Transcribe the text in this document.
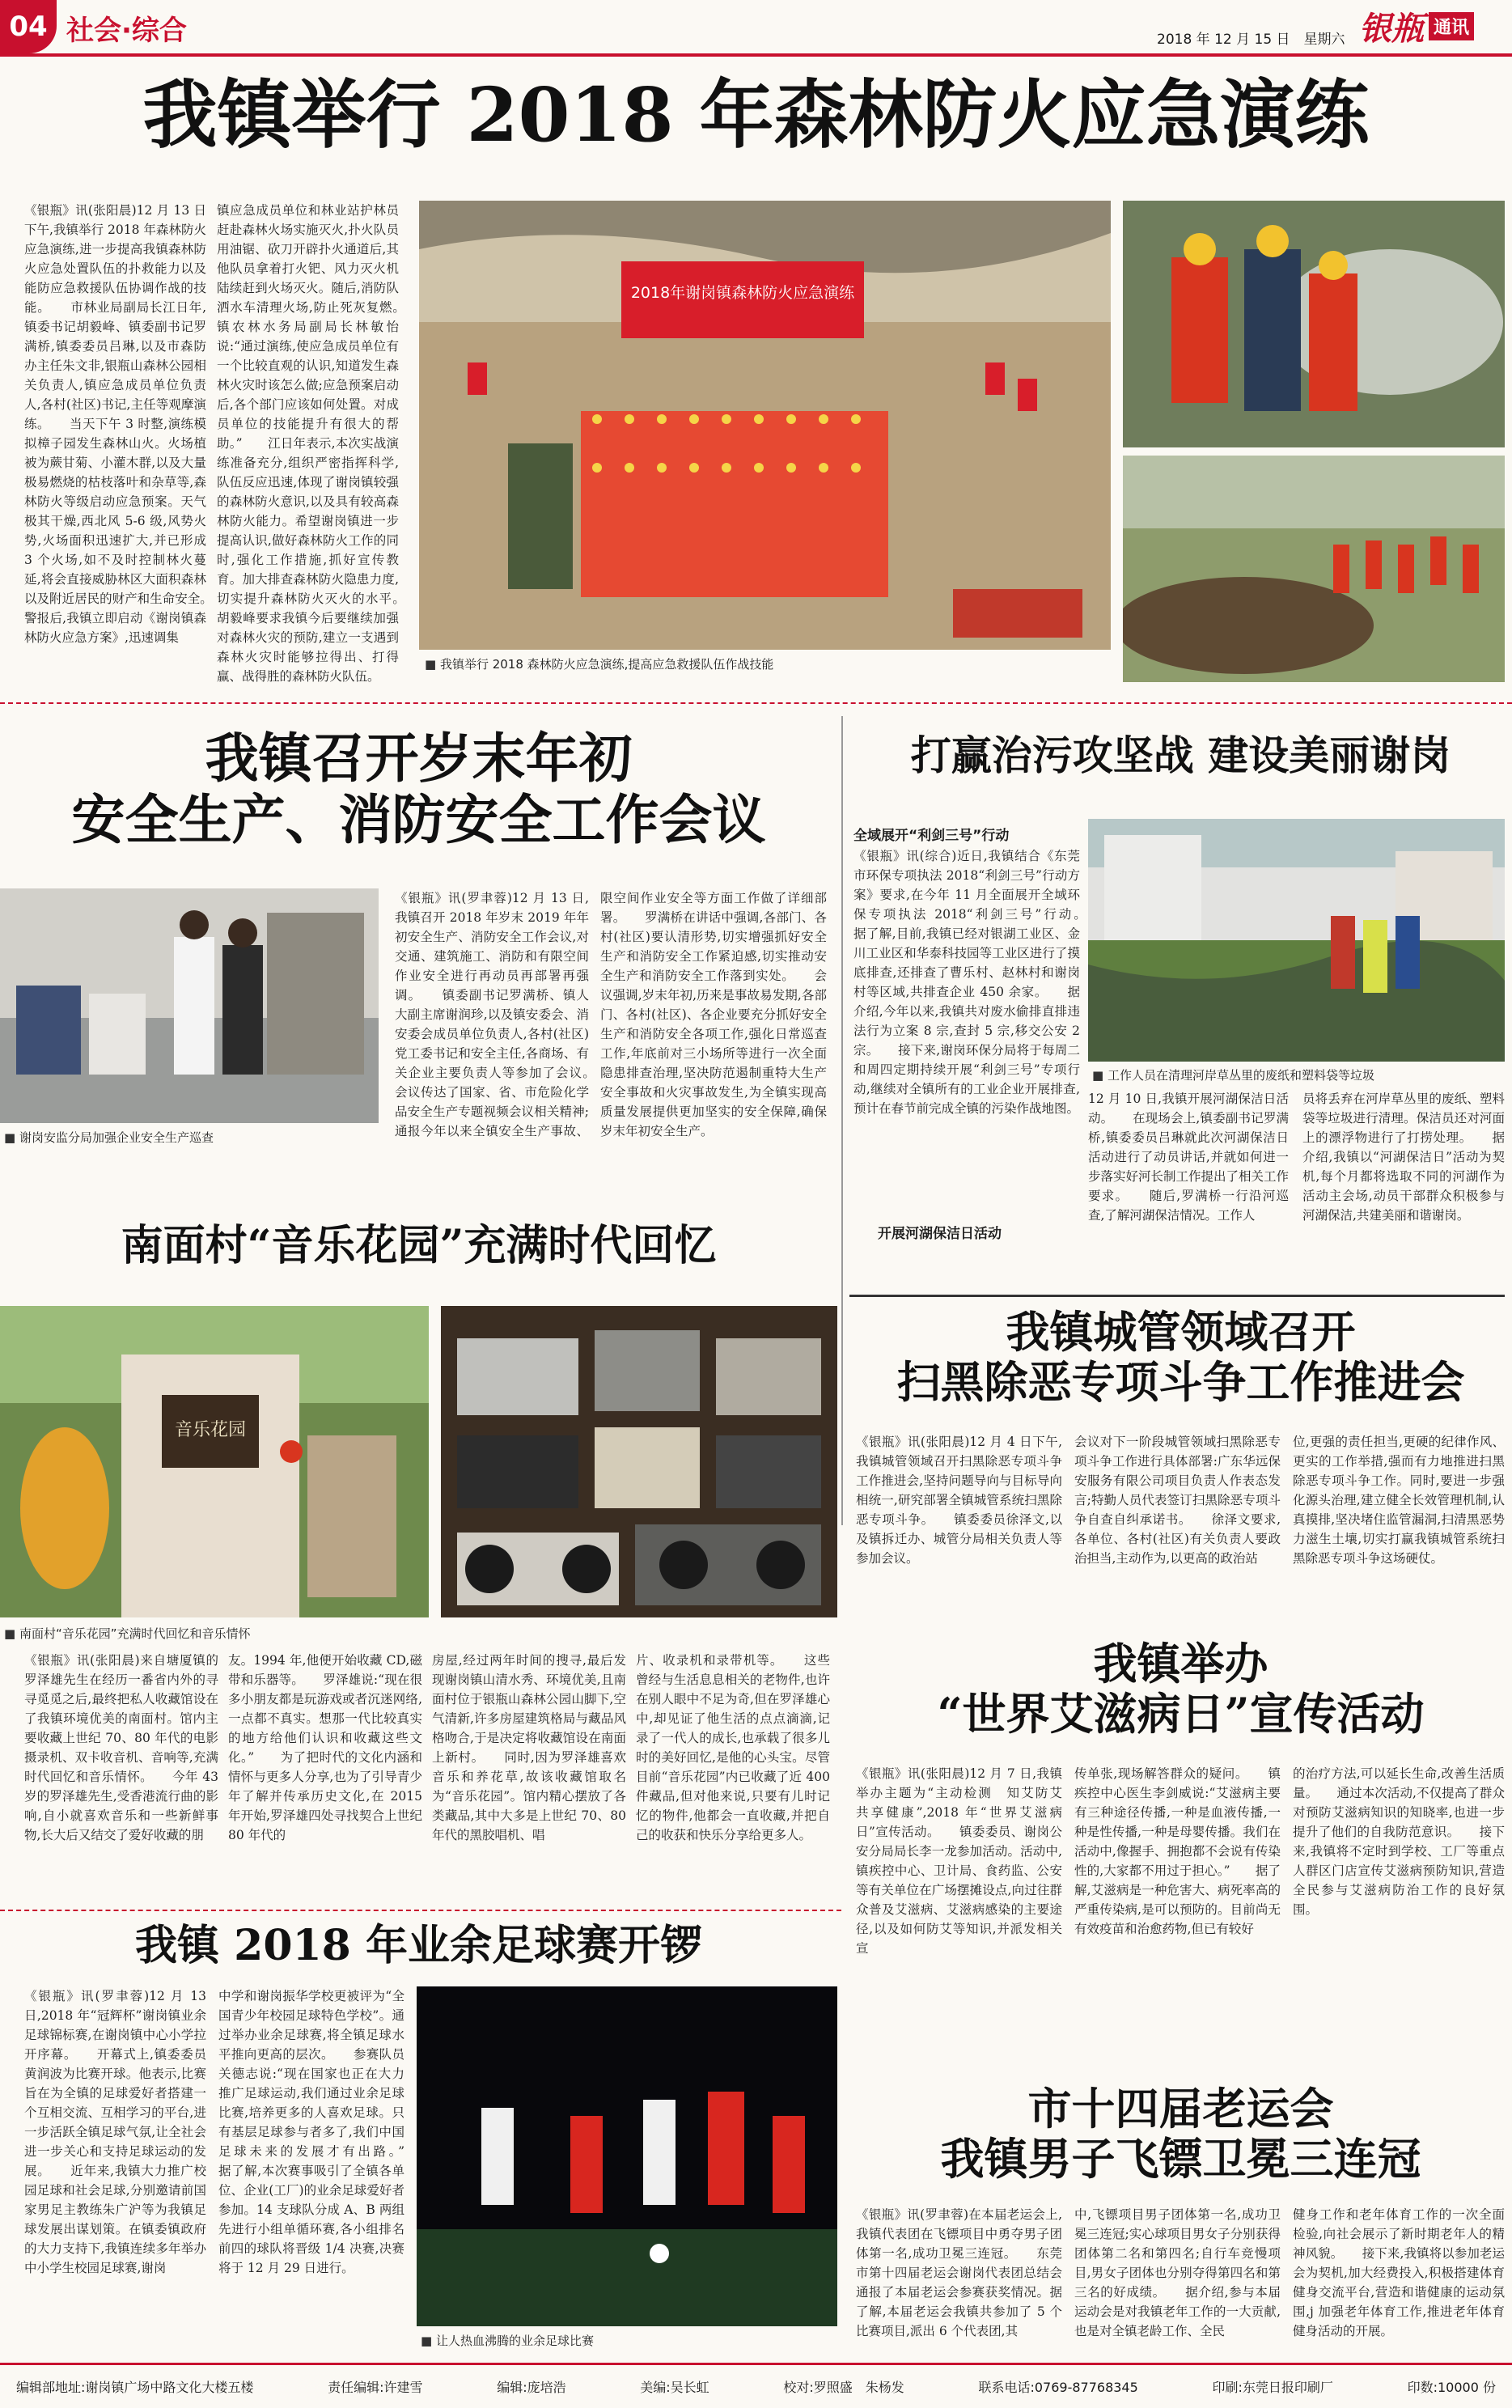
04 社会·综合	2018 年 12 月 15 日　星期六 银瓶 通讯
我镇举行 2018 年森林防火应急演练
《银瓶》讯(张阳晨)12 月 13 日下午,我镇举行 2018 年森林防火应急演练,进一步提高我镇森林防火应急处置队伍的扑救能力以及能防应急救援队伍协调作战的技能。　　市林业局副局长江日年,镇委书记胡毅峰、镇委副书记罗满桥,镇委委员吕琳,以及市森防办主任朱文非,银瓶山森林公园相关负责人,镇应急成员单位负责人,各村(社区)书记,主任等观摩演练。　　当天下午 3 时整,演练模拟樟子园发生森林山火。火场植被为蕨甘菊、小灌木群,以及大量极易燃烧的枯枝落叶和杂草等,森林防火等级启动应急预案。天气极其干燥,西北风 5-6 级,风势火势,火场面积迅速扩大,并已形成 3 个火场,如不及时控制林火蔓延,将会直接威胁林区大面积森林以及附近居民的财产和生命安全。　　警报后,我镇立即启动《谢岗镇森林防火应急方案》,迅速调集
镇应急成员单位和林业站护林员赶赴森林火场实施灭火,扑火队员用油锯、砍刀开辟扑火通道后,其他队员拿着打火钯、风力灭火机陆续赶到火场灭火。随后,消防队洒水车清理火场,防止死灰复燃。　　镇农林水务局副局长林敏怡说:“通过演练,使应急成员单位有一个比较直观的认识,知道发生森林火灾时该怎么做;应急预案启动后,各个部门应该如何处置。对成员单位的技能提升有很大的帮助。”　　江日年表示,本次实战演练准备充分,组织严密指挥科学,队伍反应迅速,体现了谢岗镇较强的森林防火意识,以及具有较高森林防火能力。希望谢岗镇进一步提高认识,做好森林防火工作的同时,强化工作措施,抓好宣传教育。加大排查森林防火隐患力度,切实提升森林防火灭火的水平。　　胡毅峰要求我镇今后要继续加强对森林火灾的预防,建立一支遇到森林火灾时能够拉得出、打得赢、战得胜的森林防火队伍。
2018年谢岗镇森林防火应急演练
■ 我镇举行 2018 森林防火应急演练,提高应急救援队伍作战技能
我镇召开岁末年初
安全生产、消防安全工作会议
■ 谢岗安监分局加强企业安全生产巡查
《银瓶》讯(罗聿蓉)12 月 13 日,我镇召开 2018 年岁末 2019 年年初安全生产、消防安全工作会议,对交通、建筑施工、消防和有限空间作业安全进行再动员再部署再强调。　　镇委副书记罗满桥、镇人大副主席谢润珍,以及镇安委会、消安委会成员单位负责人,各村(社区)党工委书记和安全主任,各商场、有关企业主要负责人等参加了会议。　　会议传达了国家、省、市危险化学品安全生产专题视频会议相关精神;通报今年以来全镇安全生产事故、
限空间作业安全等方面工作做了详细部署。　　罗满桥在讲话中强调,各部门、各村(社区)要认清形势,切实增强抓好安全生产和消防安全工作紧迫感,切实推动安全生产和消防安全工作落到实处。　　会议强调,岁末年初,历来是事故易发期,各部门、各村(社区)、各企业要充分抓好安全生产和消防安全各项工作,强化日常巡查工作,年底前对三小场所等进行一次全面隐患排查治理,坚决防范遏制重特大生产安全事故和火灾事故发生,为全镇实现高质量发展提供更加坚实的安全保障,确保岁末年初安全生产。
打赢治污攻坚战 建设美丽谢岗
全域展开“利剑三号”行动
《银瓶》讯(综合)近日,我镇结合《东莞市环保专项执法 2018“利剑三号”行动方案》要求,在今年 11 月全面展开全域环保专项执法 2018“利剑三号”行动。　　据了解,目前,我镇已经对银湖工业区、金川工业区和华泰科技园等工业区进行了摸底排查,还排查了曹乐村、赵林村和谢岗村等区域,共排查企业 450 余家。　　据介绍,今年以来,我镇共对废水偷排直排违法行为立案 8 宗,查封 5 宗,移交公安 2 宗。　　接下来,谢岗环保分局将于每周二和周四定期持续开展“利剑三号”专项行动,继续对全镇所有的工业企业开展排查,预计在春节前完成全镇的污染作战地图。
开展河湖保洁日活动
■ 工作人员在清理河岸草丛里的废纸和塑料袋等垃圾
12 月 10 日,我镇开展河湖保洁日活动。　　在现场会上,镇委副书记罗满桥,镇委委员吕琳就此次河湖保洁日活动进行了动员讲话,并就如何进一步落实好河长制工作提出了相关工作要求。　　随后,罗满桥一行沿河巡查,了解河湖保洁情况。工作人
员将丢弃在河岸草丛里的废纸、塑料袋等垃圾进行清理。保洁员还对河面上的漂浮物进行了打捞处理。　　据介绍,我镇以“河湖保洁日”活动为契机,每个月都将选取不同的河湖作为活动主会场,动员干部群众积极参与河湖保洁,共建美丽和谐谢岗。
南面村“音乐花园”充满时代回忆
音乐花园
■ 南面村“音乐花园”充满时代回忆和音乐情怀
《银瓶》讯(张阳晨)来自塘厦镇的罗泽雄先生在经历一番省内外的寻寻觅觅之后,最终把私人收藏馆设在了我镇环境优美的南面村。馆内主要收藏上世纪 70、80 年代的电影摄录机、双卡收音机、音响等,充满时代回忆和音乐情怀。　　今年 43 岁的罗泽雄先生,受香港流行曲的影响,自小就喜欢音乐和一些新鲜事物,长大后又结交了爱好收藏的朋
友。1994 年,他便开始收藏 CD,磁带和乐器等。　　罗泽雄说:“现在很多小朋友都是玩游戏或者沉迷网络,一点都不真实。想那一代比较真实的地方给他们认识和收藏这些文化。”　　为了把时代的文化内涵和情怀与更多人分享,也为了引导青少年了解并传承历史文化,在 2015 年开始,罗泽雄四处寻找契合上世纪 80 年代的
房屋,经过两年时间的搜寻,最后发现谢岗镇山清水秀、环境优美,且南面村位于银瓶山森林公园山脚下,空气清新,许多房屋建筑格局与藏品风格吻合,于是决定将收藏馆设在南面上新村。　　同时,因为罗泽雄喜欢音乐和养花草,故该收藏馆取名为“音乐花园”。馆内精心摆放了各类藏品,其中大多是上世纪 70、80 年代的黑胶唱机、唱
片、收录机和录带机等。　　这些曾经与生活息息相关的老物件,也许在别人眼中不足为奇,但在罗泽雄心中,却见证了他生活的点点滴滴,记录了一代人的成长,也承载了很多儿时的美好回忆,是他的心头宝。尽管目前“音乐花园”内已收藏了近 400 件藏品,但对他来说,只要有儿时记忆的物件,他都会一直收藏,并把自己的收获和快乐分享给更多人。
我镇城管领域召开
扫黑除恶专项斗争工作推进会
《银瓶》讯(张阳晨)12 月 4 日下午,我镇城管领域召开扫黑除恶专项斗争工作推进会,坚持问题导向与目标导向相统一,研究部署全镇城管系统扫黑除恶专项斗争。　　镇委委员徐泽文,以及镇拆迁办、城管分局相关负责人等参加会议。
会议对下一阶段城管领域扫黑除恶专项斗争工作进行具体部署:广东华远保安服务有限公司项目负责人作表态发言;特勤人员代表签订扫黑除恶专项斗争自查自纠承诺书。　　徐泽文要求,各单位、各村(社区)有关负责人要政治担当,主动作为,以更高的政治站
位,更强的责任担当,更硬的纪律作风、更实的工作举措,强而有力地推进扫黑除恶专项斗争工作。同时,要进一步强化源头治理,建立健全长效管理机制,认真摸排,坚决堵住监管漏洞,扫清黑恶势力滋生土壤,切实打赢我镇城管系统扫黑除恶专项斗争这场硬仗。
我镇举办
“世界艾滋病日”宣传活动
《银瓶》讯(张阳晨)12 月 7 日,我镇举办主题为“主动检测　知艾防艾　共享健康”,2018 年“世界艾滋病日”宣传活动。　　镇委委员、谢岗公安分局局长李一龙参加活动。活动中,镇疾控中心、卫计局、食药监、公安等有关单位在广场摆摊设点,向过往群众普及艾滋病、艾滋病感染的主要途径,以及如何防艾等知识,并派发相关宣
传单张,现场解答群众的疑问。　　镇疾控中心医生李剑威说:“艾滋病主要有三种途径传播,一种是血液传播,一种是性传播,一种是母婴传播。我们在活动中,像握手、拥抱都不会说有传染性的,大家都不用过于担心。”　　据了解,艾滋病是一种危害大、病死率高的严重传染病,是可以预防的。目前尚无有效疫苗和治愈药物,但已有较好
的治疗方法,可以延长生命,改善生活质量。　　通过本次活动,不仅提高了群众对预防艾滋病知识的知晓率,也进一步提升了他们的自我防范意识。　　接下来,我镇将不定时到学校、工厂等重点人群区门店宣传艾滋病预防知识,营造全民参与艾滋病防治工作的良好氛围。
我镇 2018 年业余足球赛开锣
《银瓶》讯(罗聿蓉)12 月 13 日,2018 年“冠辉杯”谢岗镇业余足球锦标赛,在谢岗镇中心小学拉开序幕。　　开幕式上,镇委委员黄润波为比赛开球。他表示,比赛旨在为全镇的足球爱好者搭建一个互相交流、互相学习的平台,进一步活跃全镇足球气氛,让全社会进一步关心和支持足球运动的发展。　　近年来,我镇大力推广校园足球和社会足球,分别邀请前国家男足主教练朱广沪等为我镇足球发展出谋划策。在镇委镇政府的大力支持下,我镇连续多年举办中小学生校园足球赛,谢岗
中学和谢岗振华学校更被评为“全国青少年校园足球特色学校”。通过举办业余足球赛,将全镇足球水平推向更高的层次。　　参赛队员关德志说:“现在国家也正在大力推广足球运动,我们通过业余足球比赛,培养更多的人喜欢足球。只有基层足球参与者多了,我们中国足球未来的发展才有出路。”　　据了解,本次赛事吸引了全镇各单位、企业(工厂)的业余足球爱好者参加。14 支球队分成 A、B 两组先进行小组单循环赛,各小组排名前四的球队将晋级 1/4 决赛,决赛将于 12 月 29 日进行。
■ 让人热血沸腾的业余足球比赛
市十四届老运会
我镇男子飞镖卫冕三连冠
《银瓶》讯(罗聿蓉)在本届老运会上,我镇代表团在飞镖项目中勇夺男子团体第一名,成功卫冕三连冠。　　东莞市第十四届老运会谢岗代表团总结会通报了本届老运会参赛获奖情况。据了解,本届老运会我镇共参加了 5 个比赛项目,派出 6 个代表团,其
中,飞镖项目男子团体第一名,成功卫冕三连冠;实心球项目男女子分别获得团体第二名和第四名;自行车竞慢项目,男女子团体也分别夺得第四名和第三名的好成绩。　　据介绍,参与本届运动会是对我镇老年工作的一大贡献,也是对全镇老龄工作、全民
健身工作和老年体育工作的一次全面检验,向社会展示了新时期老年人的精神风貌。　　接下来,我镇将以参加老运会为契机,加大经费投入,积极搭建体育健身交流平台,营造和谐健康的运动氛围,j 加强老年体育工作,推进老年体育健身活动的开展。
编辑部地址:谢岗镇广场中路文化大楼五楼	责任编辑:许建雪	编辑:庞培浩	美编:吴长虹	校对:罗照盛　朱杨发	联系电话:0769-87768345	印刷:东莞日报印刷厂	印数:10000 份
